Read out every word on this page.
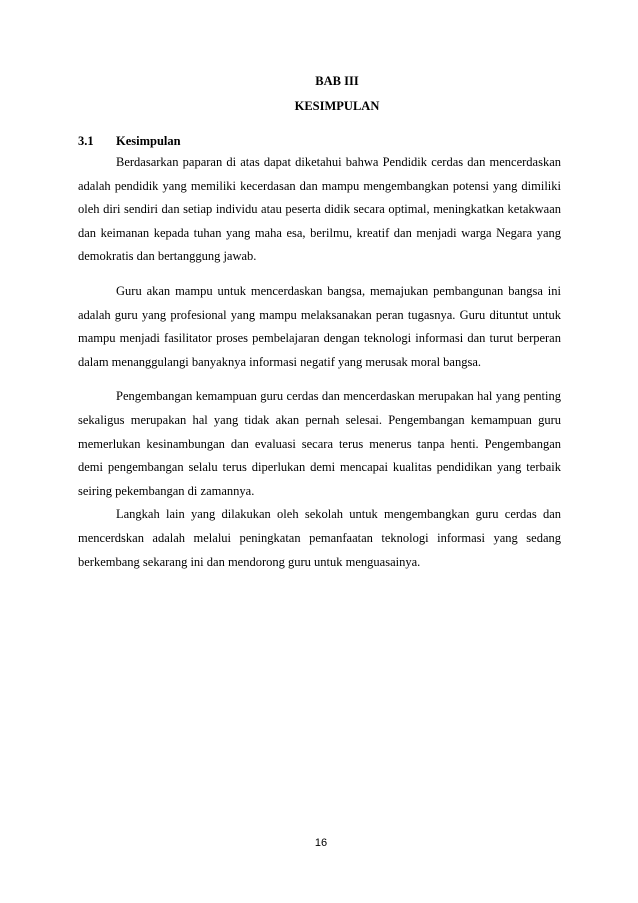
BAB III
KESIMPULAN
3.1 Kesimpulan

Berdasarkan paparan di atas dapat diketahui bahwa Pendidik cerdas dan mencerdaskan adalah pendidik yang memiliki kecerdasan dan mampu mengembangkan potensi yang dimiliki oleh diri sendiri dan setiap individu atau peserta didik secara optimal, meningkatkan ketakwaan dan keimanan kepada tuhan yang maha esa, berilmu, kreatif dan menjadi warga Negara yang demokratis dan bertanggung jawab.

Guru akan mampu untuk mencerdaskan bangsa, memajukan pembangunan bangsa ini adalah guru yang profesional yang mampu melaksanakan peran tugasnya. Guru dituntut untuk mampu menjadi fasilitator proses pembelajaran dengan teknologi informasi dan turut berperan dalam menanggulangi banyaknya informasi negatif yang merusak moral bangsa.

Pengembangan kemampuan guru cerdas dan mencerdaskan merupakan hal yang penting sekaligus merupakan hal yang tidak akan pernah selesai. Pengembangan kemampuan guru memerlukan kesinambungan dan evaluasi secara terus menerus tanpa henti. Pengembangan demi pengembangan selalu terus diperlukan demi mencapai kualitas pendidikan yang terbaik seiring pekembangan di zamannya.

Langkah lain yang dilakukan oleh sekolah untuk mengembangkan guru cerdas dan mencerdskan adalah melalui peningkatan pemanfaatan teknologi informasi yang sedang berkembang sekarang ini dan mendorong guru untuk menguasainya.

16
